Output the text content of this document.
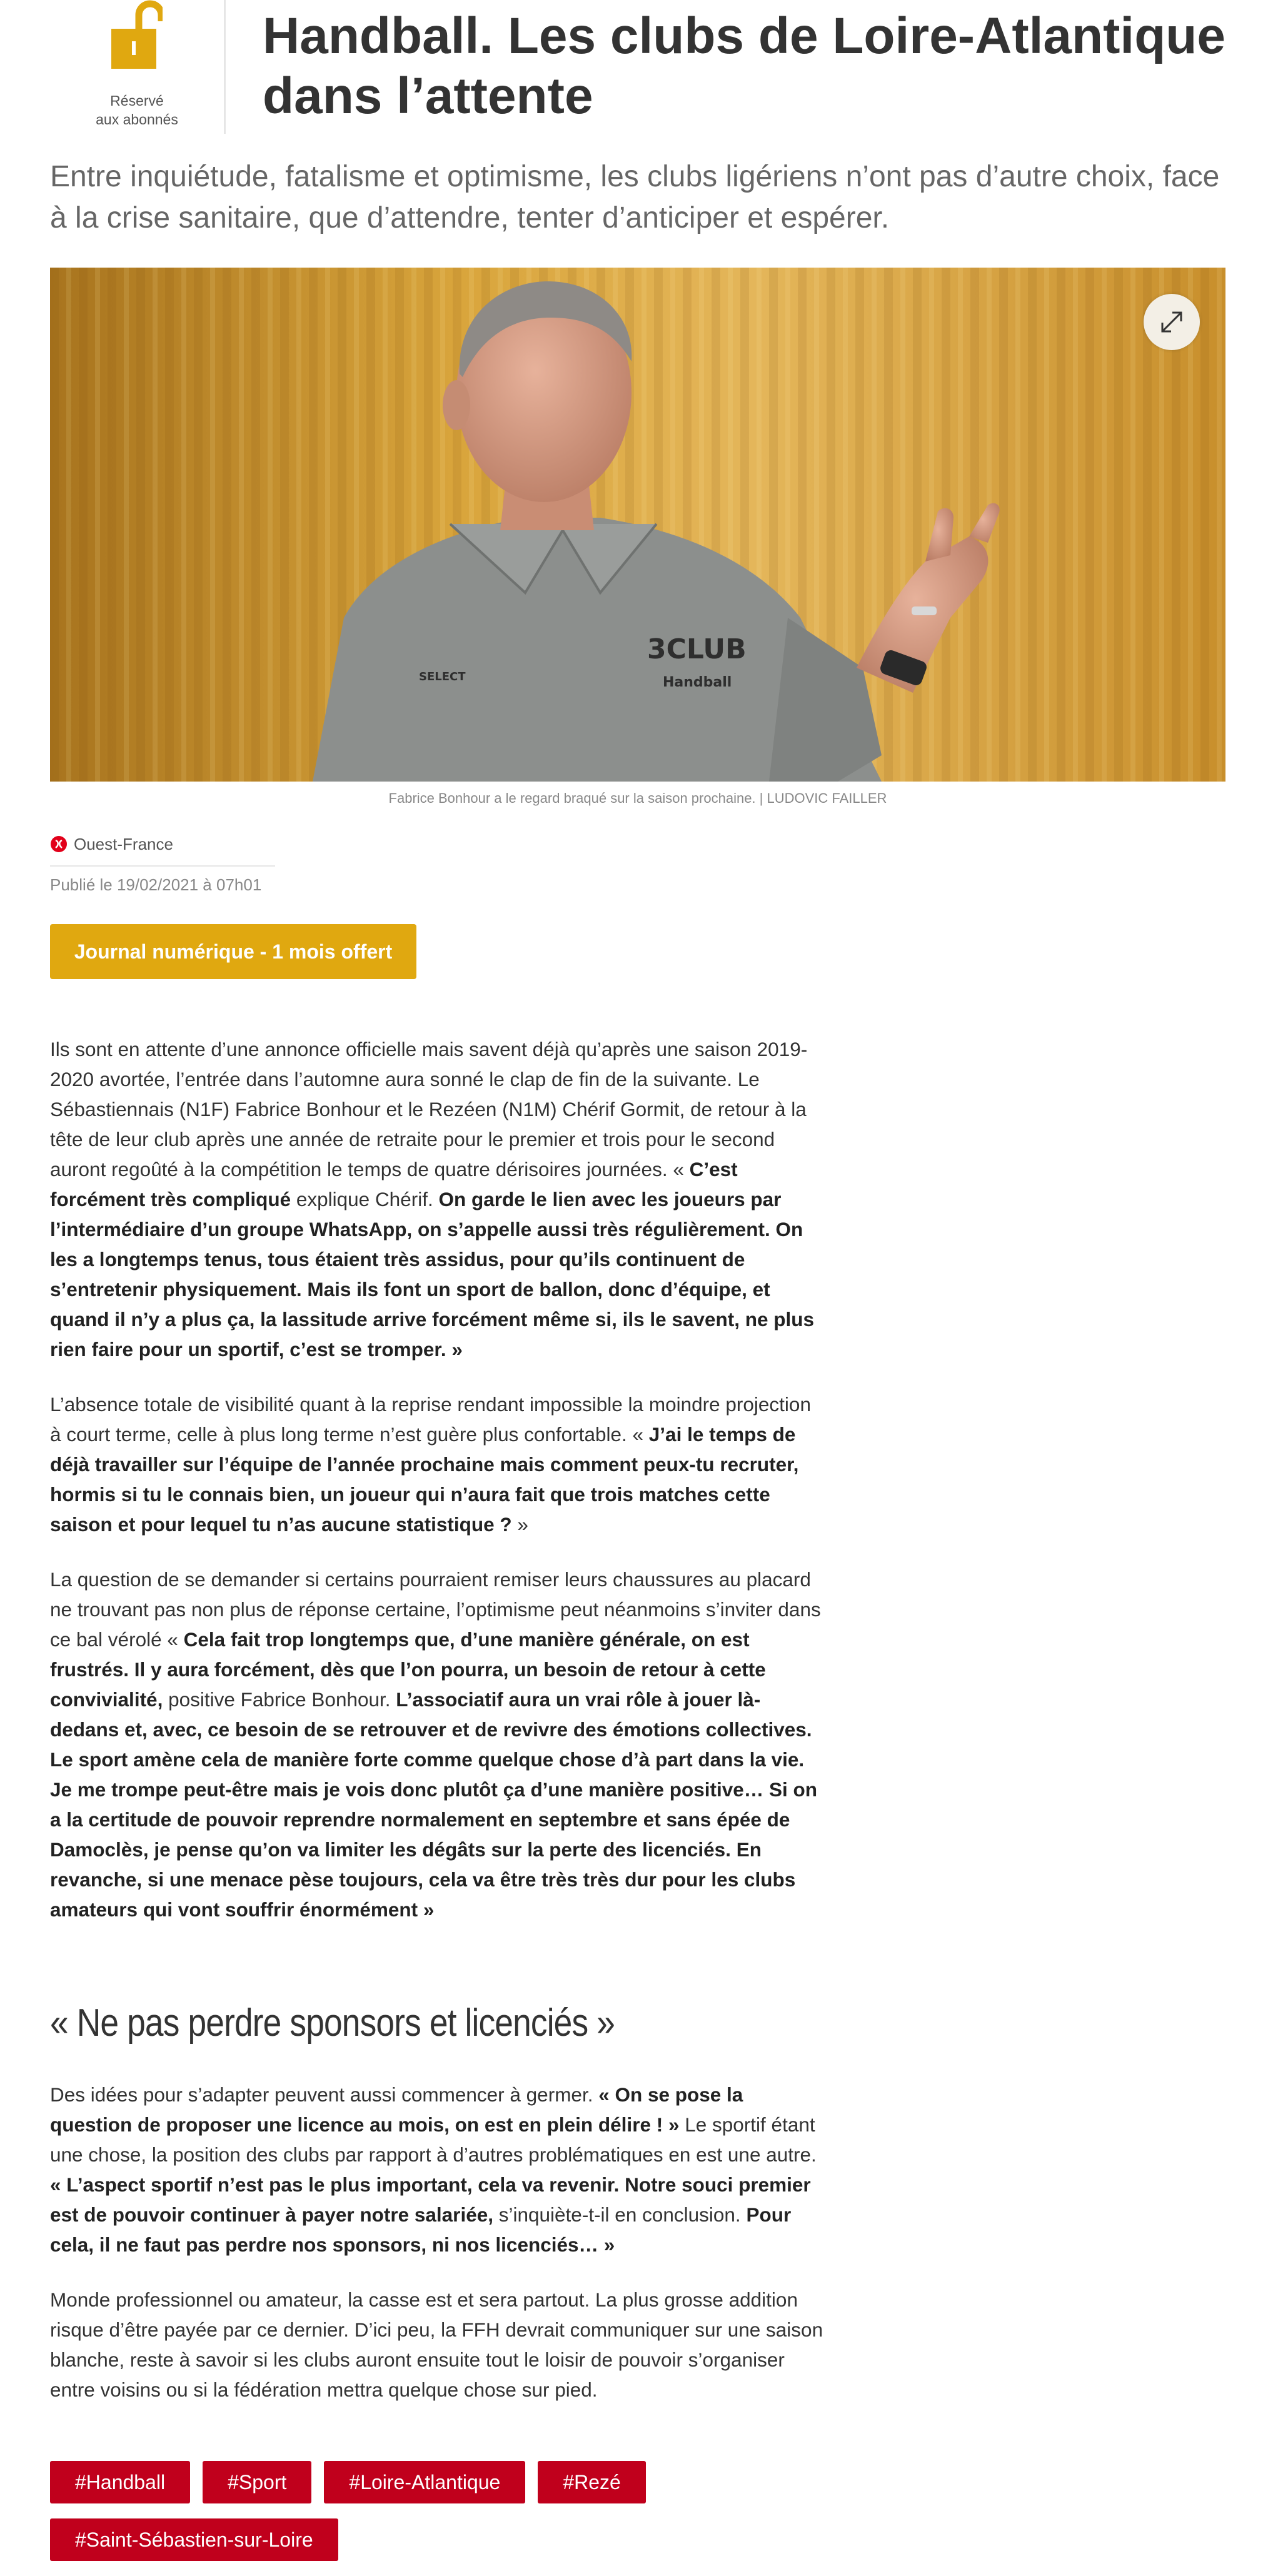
Réservé
aux abonnés
Handball. Les clubs de Loire-Atlantique dans l’attente

Entre inquiétude, fatalisme et optimisme, les clubs ligériens n’ont pas d’autre choix, face à la crise sanitaire, que d’attendre, tenter d’anticiper et espérer.

3CLUB
Handball
SELECT

Fabrice Bonhour a le regard braqué sur la saison prochaine. | LUDOVIC FAILLER

Ouest-France

Publié le 19/02/2021 à 07h01

Journal numérique - 1 mois offert

Ils sont en attente d’une annonce officielle mais savent déjà qu’après une saison 2019-2020 avortée, l’entrée dans l’automne aura sonné le clap de fin de la suivante. Le Sébastiennais (N1F) Fabrice Bonhour et le Rezéen (N1M) Chérif Gormit, de retour à la tête de leur club après une année de retraite pour le premier et trois pour le second auront regoûté à la compétition le temps de quatre dérisoires journées. « C’est forcément très compliqué explique Chérif. On garde le lien avec les joueurs par l’intermédiaire d’un groupe WhatsApp, on s’appelle aussi très régulièrement. On les a longtemps tenus, tous étaient très assidus, pour qu’ils continuent de s’entretenir physiquement. Mais ils font un sport de ballon, donc d’équipe, et quand il n’y a plus ça, la lassitude arrive forcément même si, ils le savent, ne plus rien faire pour un sportif, c’est se tromper. »

L’absence totale de visibilité quant à la reprise rendant impossible la moindre projection à court terme, celle à plus long terme n’est guère plus confortable. « J’ai le temps de déjà travailler sur l’équipe de l’année prochaine mais comment peux-tu recruter, hormis si tu le connais bien, un joueur qui n’aura fait que trois matches cette saison et pour lequel tu n’as aucune statistique ? »

La question de se demander si certains pourraient remiser leurs chaussures au placard ne trouvant pas non plus de réponse certaine, l’optimisme peut néanmoins s’inviter dans ce bal vérolé « Cela fait trop longtemps que, d’une manière générale, on est frustrés. Il y aura forcément, dès que l’on pourra, un besoin de retour à cette convivialité, positive Fabrice Bonhour. L’associatif aura un vrai rôle à jouer là-dedans et, avec, ce besoin de se retrouver et de revivre des émotions collectives. Le sport amène cela de manière forte comme quelque chose d’à part dans la vie. Je me trompe peut-être mais je vois donc plutôt ça d’une manière positive… Si on a la certitude de pouvoir reprendre normalement en septembre et sans épée de Damoclès, je pense qu’on va limiter les dégâts sur la perte des licenciés. En revanche, si une menace pèse toujours, cela va être très très dur pour les clubs amateurs qui vont souffrir énormément »

« Ne pas perdre sponsors et licenciés »

Des idées pour s’adapter peuvent aussi commencer à germer. « On se pose la question de proposer une licence au mois, on est en plein délire ! » Le sportif étant une chose, la position des clubs par rapport à d’autres problématiques en est une autre. « L’aspect sportif n’est pas le plus important, cela va revenir. Notre souci premier est de pouvoir continuer à payer notre salariée, s’inquiète-t-il en conclusion. Pour cela, il ne faut pas perdre nos sponsors, ni nos licenciés… »

Monde professionnel ou amateur, la casse est et sera partout. La plus grosse addition risque d’être payée par ce dernier. D’ici peu, la FFH devrait communiquer sur une saison blanche, reste à savoir si les clubs auront ensuite tout le loisir de pouvoir s’organiser entre voisins ou si la fédération mettra quelque chose sur pied.

#Handball	#Sport	#Loire-Atlantique	#Rezé
#Saint-Sébastien-sur-Loire
